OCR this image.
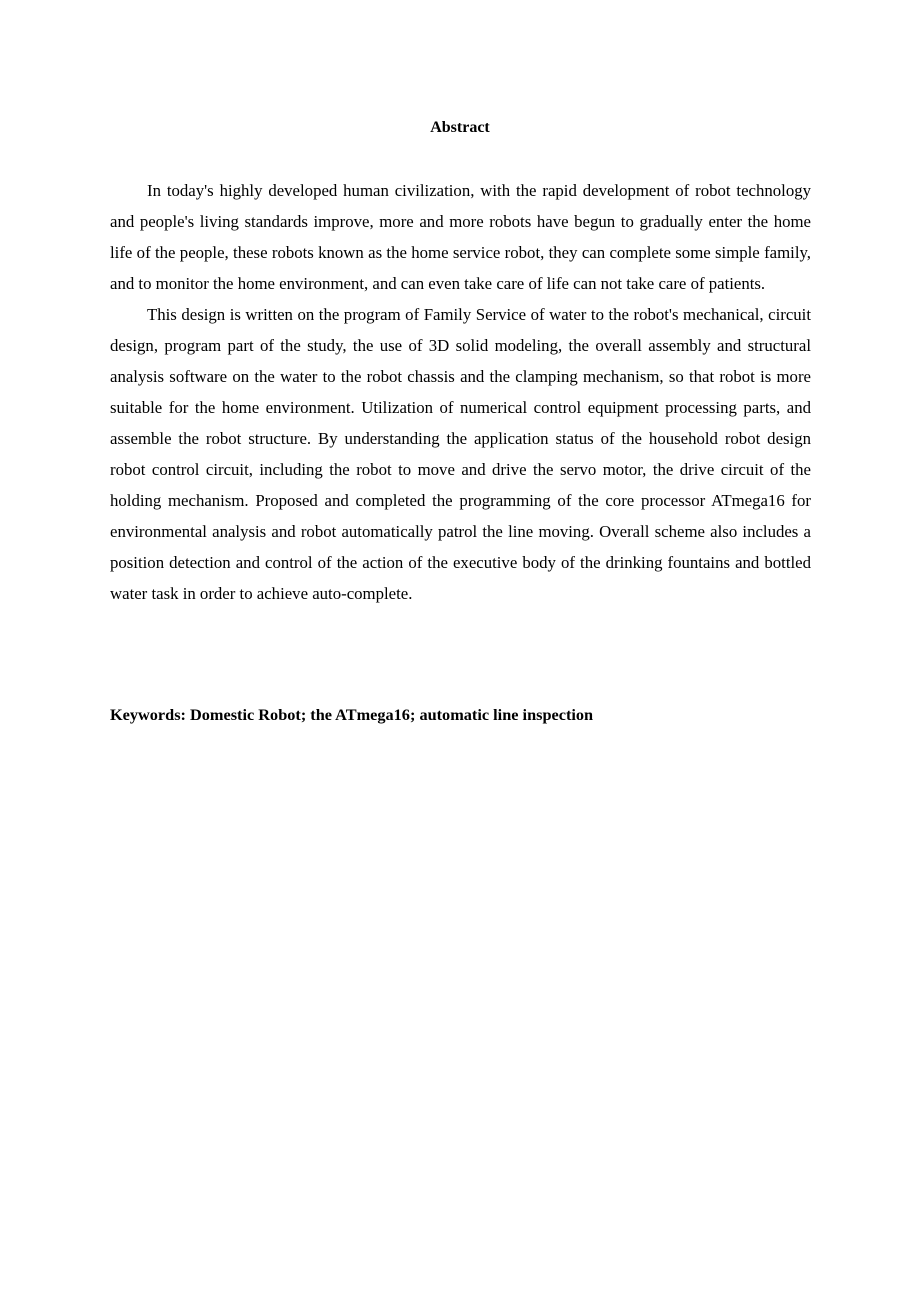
Abstract

In today's highly developed human civilization, with the rapid development of robot technology and people's living standards improve, more and more robots have begun to gradually enter the home life of the people, these robots known as the home service robot, they can complete some simple family, and to monitor the home environment, and can even take care of life can not take care of patients.

This design is written on the program of Family Service of water to the robot's mechanical, circuit design, program part of the study, the use of 3D solid modeling, the overall assembly and structural analysis software on the water to the robot chassis and the clamping mechanism, so that robot is more suitable for the home environment. Utilization of numerical control equipment processing parts, and assemble the robot structure. By understanding the application status of the household robot design robot control circuit, including the robot to move and drive the servo motor, the drive circuit of the holding mechanism. Proposed and completed the programming of the core processor ATmega16 for environmental analysis and robot automatically patrol the line moving. Overall scheme also includes a position detection and control of the action of the executive body of the drinking fountains and bottled water task in order to achieve auto-complete.

Keywords: Domestic Robot; the ATmega16; automatic line inspection
